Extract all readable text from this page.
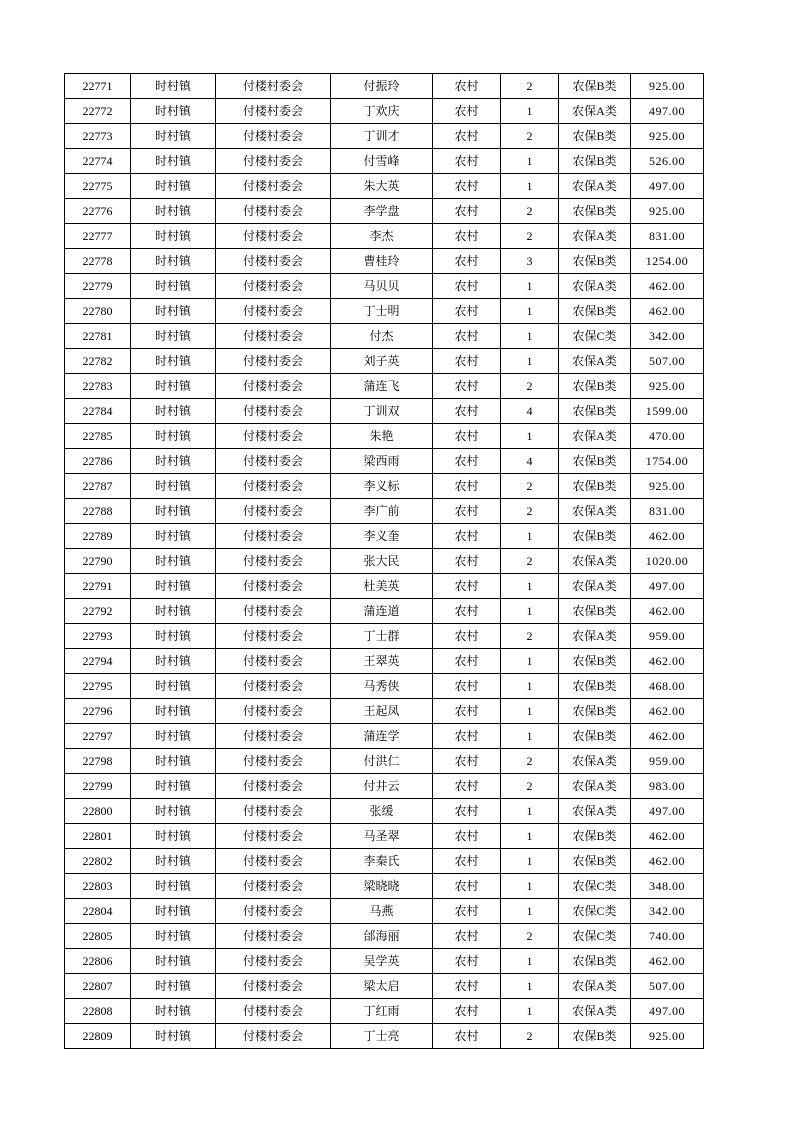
22771	时村镇	付楼村委会	付振玲	农村	2	农保B类	925.00
22772	时村镇	付楼村委会	丁欢庆	农村	1	农保A类	497.00
22773	时村镇	付楼村委会	丁训才	农村	2	农保B类	925.00
22774	时村镇	付楼村委会	付雪峰	农村	1	农保B类	526.00
22775	时村镇	付楼村委会	朱大英	农村	1	农保A类	497.00
22776	时村镇	付楼村委会	李学盘	农村	2	农保B类	925.00
22777	时村镇	付楼村委会	李杰	农村	2	农保A类	831.00
22778	时村镇	付楼村委会	曹桂玲	农村	3	农保B类	1254.00
22779	时村镇	付楼村委会	马贝贝	农村	1	农保A类	462.00
22780	时村镇	付楼村委会	丁士明	农村	1	农保B类	462.00
22781	时村镇	付楼村委会	付杰	农村	1	农保C类	342.00
22782	时村镇	付楼村委会	刘子英	农村	1	农保A类	507.00
22783	时村镇	付楼村委会	蒲连飞	农村	2	农保B类	925.00
22784	时村镇	付楼村委会	丁训双	农村	4	农保B类	1599.00
22785	时村镇	付楼村委会	朱艳	农村	1	农保A类	470.00
22786	时村镇	付楼村委会	梁西雨	农村	4	农保B类	1754.00
22787	时村镇	付楼村委会	李义标	农村	2	农保B类	925.00
22788	时村镇	付楼村委会	李广前	农村	2	农保A类	831.00
22789	时村镇	付楼村委会	李义奎	农村	1	农保B类	462.00
22790	时村镇	付楼村委会	张大民	农村	2	农保A类	1020.00
22791	时村镇	付楼村委会	杜美英	农村	1	农保A类	497.00
22792	时村镇	付楼村委会	蒲连道	农村	1	农保B类	462.00
22793	时村镇	付楼村委会	丁士群	农村	2	农保A类	959.00
22794	时村镇	付楼村委会	王翠英	农村	1	农保B类	462.00
22795	时村镇	付楼村委会	马秀侠	农村	1	农保B类	468.00
22796	时村镇	付楼村委会	王起凤	农村	1	农保B类	462.00
22797	时村镇	付楼村委会	蒲连学	农村	1	农保B类	462.00
22798	时村镇	付楼村委会	付洪仁	农村	2	农保A类	959.00
22799	时村镇	付楼村委会	付井云	农村	2	农保A类	983.00
22800	时村镇	付楼村委会	张缓	农村	1	农保A类	497.00
22801	时村镇	付楼村委会	马圣翠	农村	1	农保B类	462.00
22802	时村镇	付楼村委会	李秦氏	农村	1	农保B类	462.00
22803	时村镇	付楼村委会	梁晓晓	农村	1	农保C类	348.00
22804	时村镇	付楼村委会	马燕	农村	1	农保C类	342.00
22805	时村镇	付楼村委会	邰海丽	农村	2	农保C类	740.00
22806	时村镇	付楼村委会	吴学英	农村	1	农保B类	462.00
22807	时村镇	付楼村委会	梁太启	农村	1	农保A类	507.00
22808	时村镇	付楼村委会	丁红雨	农村	1	农保A类	497.00
22809	时村镇	付楼村委会	丁士亮	农村	2	农保B类	925.00
